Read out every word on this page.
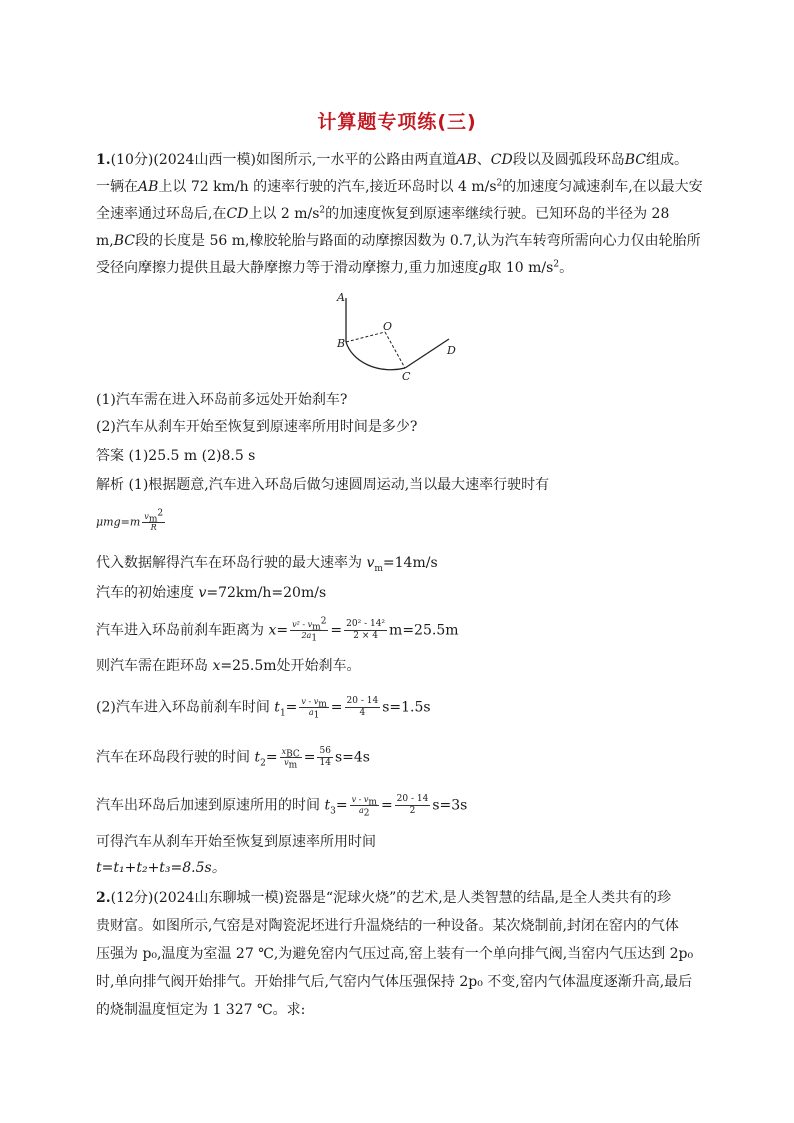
计算题专项练(三)
1.(10分)(2024山西一模)如图所示,一水平的公路由两直道AB、CD段以及圆弧段环岛BC组成。
一辆在AB上以 72 km/h 的速率行驶的汽车,接近环岛时以 4 $m/s^2$的加速度匀减速刹车,在以最大安
全速率通过环岛后,在CD上以 2 $m/s^2$的加速度恢复到原速率继续行驶。已知环岛的半径为 28
m,BC段的长度是 56 m,橡胶轮胎与路面的动摩擦因数为 0.7,认为汽车转弯所需向心力仅由轮胎所
受径向摩擦力提供且最大静摩擦力等于滑动摩擦力,重力加速度g取 10 $m/s^2$。
A
B
O
C
D
(1)汽车需在进入环岛前多远处开始刹车?
(2)汽车从刹车开始至恢复到原速率所用时间是多少?
答案 (1)25.5 m (2)8.5 s
解析 (1)根据题意,汽车进入环岛后做匀速圆周运动,当以最大速率行驶时有
$\mu mg=m \frac{v_m^2}{R}$
代入数据解得汽车在环岛行驶的最大速率为 $v_m=14m/s$
汽车的初始速度 v=72km/h=20m/s
汽车进入环岛前刹车距离为 $x= \frac{v^2 - v_m^2}{2a_1} = \frac{\text{20² - 14²}}{2 \times 4} m=25.5m$
则汽车需在距环岛 x=25.5m处开始刹车。
(2)汽车进入环岛前刹车时间 $t_1= \frac{v - v_m}{a_1} = \frac{20 - 14}{4} s=1.5s$
汽车在环岛段行驶的时间 $t_2= \frac{x_{BC}}{v_m} = \frac{56}{14} s=4s$
汽车出环岛后加速到原速所用的时间 $t_3= \frac{v - v_m}{a_2} = \frac{20 - 14}{2} s=3s$
可得汽车从刹车开始至恢复到原速率所用时间
t=t₁+t₂+t₃=8.5s。
2.(12分)(2024山东聊城一模)瓷器是“泥球火烧”的艺术,是人类智慧的结晶,是全人类共有的珍
贵财富。如图所示,气窑是对陶瓷泥坯进行升温烧结的一种设备。某次烧制前,封闭在窑内的气体
压强为 p₀,温度为室温 27 ℃,为避免窑内气压过高,窑上装有一个单向排气阀,当窑内气压达到 2p₀
时,单向排气阀开始排气。开始排气后,气窑内气体压强保持 2p₀ 不变,窑内气体温度逐渐升高,最后
的烧制温度恒定为 1 327 ℃。求:
